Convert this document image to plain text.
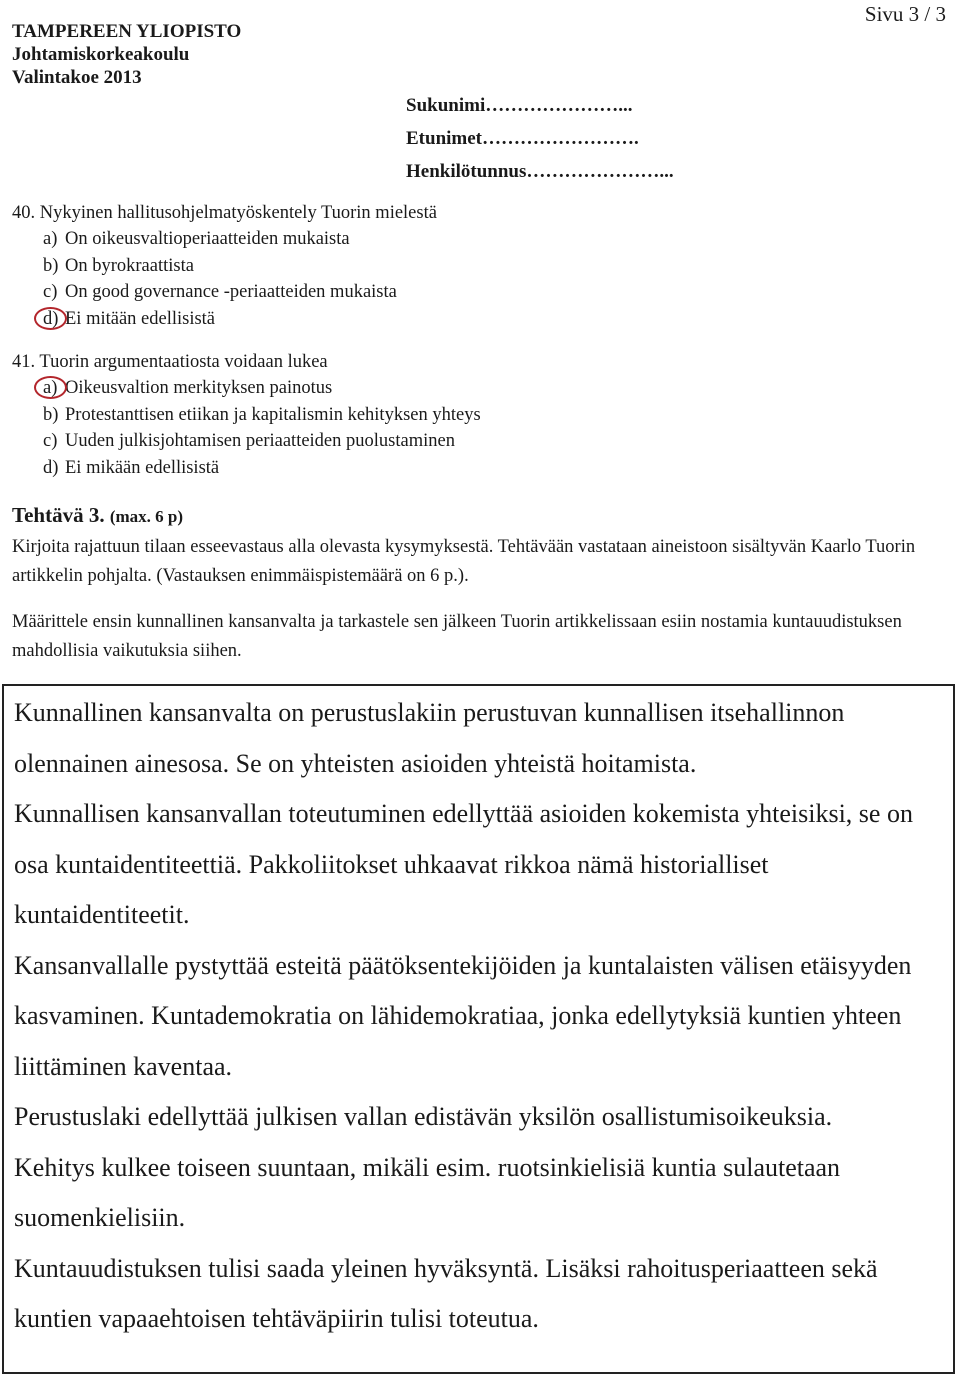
TAMPEREEN YLIOPISTO
Johtamiskorkeakoulu
Valintakoe 2013
Sivu 3 / 3
Sukunimi…………………...
Etunimet…………………….
Henkilötunnus…………………...
40. Nykyinen hallitusohjelmatyöskentely Tuorin mielestä
a) On oikeusvaltioperiaatteiden mukaista
b) On byrokraattista
c) On good governance -periaatteiden mukaista
d) Ei mitään edellisistä
41. Tuorin argumentaatiosta voidaan lukea
a) Oikeusvaltion merkityksen painotus
b) Protestanttisen etiikan ja kapitalismin kehityksen yhteys
c) Uuden julkisjohtamisen periaatteiden puolustaminen
d) Ei mikään edellisistä
Tehtävä 3. (max. 6 p)
Kirjoita rajattuun tilaan esseevastaus alla olevasta kysymyksestä. Tehtävään vastataan aineistoon sisältyvän Kaarlo Tuorin artikkelin pohjalta. (Vastauksen enimmäispistemäärä on 6 p.).
Määrittele ensin kunnallinen kansanvalta ja tarkastele sen jälkeen Tuorin artikkelissaan esiin nostamia kuntauudistuksen mahdollisia vaikutuksia siihen.

Kunnallinen kansanvalta on perustuslakiin perustuvan kunnallisen itsehallinnon olennainen ainesosa. Se on yhteisten asioiden yhteistä hoitamista.

Kunnallisen kansanvallan toteutuminen edellyttää asioiden kokemista yhteisiksi, se on osa kuntaidentiteettiä. Pakkoliitokset uhkaavat rikkoa nämä historialliset kuntaidentiteetit.

Kansanvallalle pystyttää esteitä päätöksentekijöiden ja kuntalaisten välisen etäisyyden kasvaminen. Kuntademokratia on lähidemokratiaa, jonka edellytyksiä kuntien yhteen liittäminen kaventaa.

Perustuslaki edellyttää julkisen vallan edistävän yksilön osallistumisoikeuksia.

Kehitys kulkee toiseen suuntaan, mikäli esim. ruotsinkielisiä kuntia sulautetaan suomenkielisiin.

Kuntauudistuksen tulisi saada yleinen hyväksyntä. Lisäksi rahoitusperiaatteen sekä kuntien vapaaehtoisen tehtäväpiirin tulisi toteutua.
